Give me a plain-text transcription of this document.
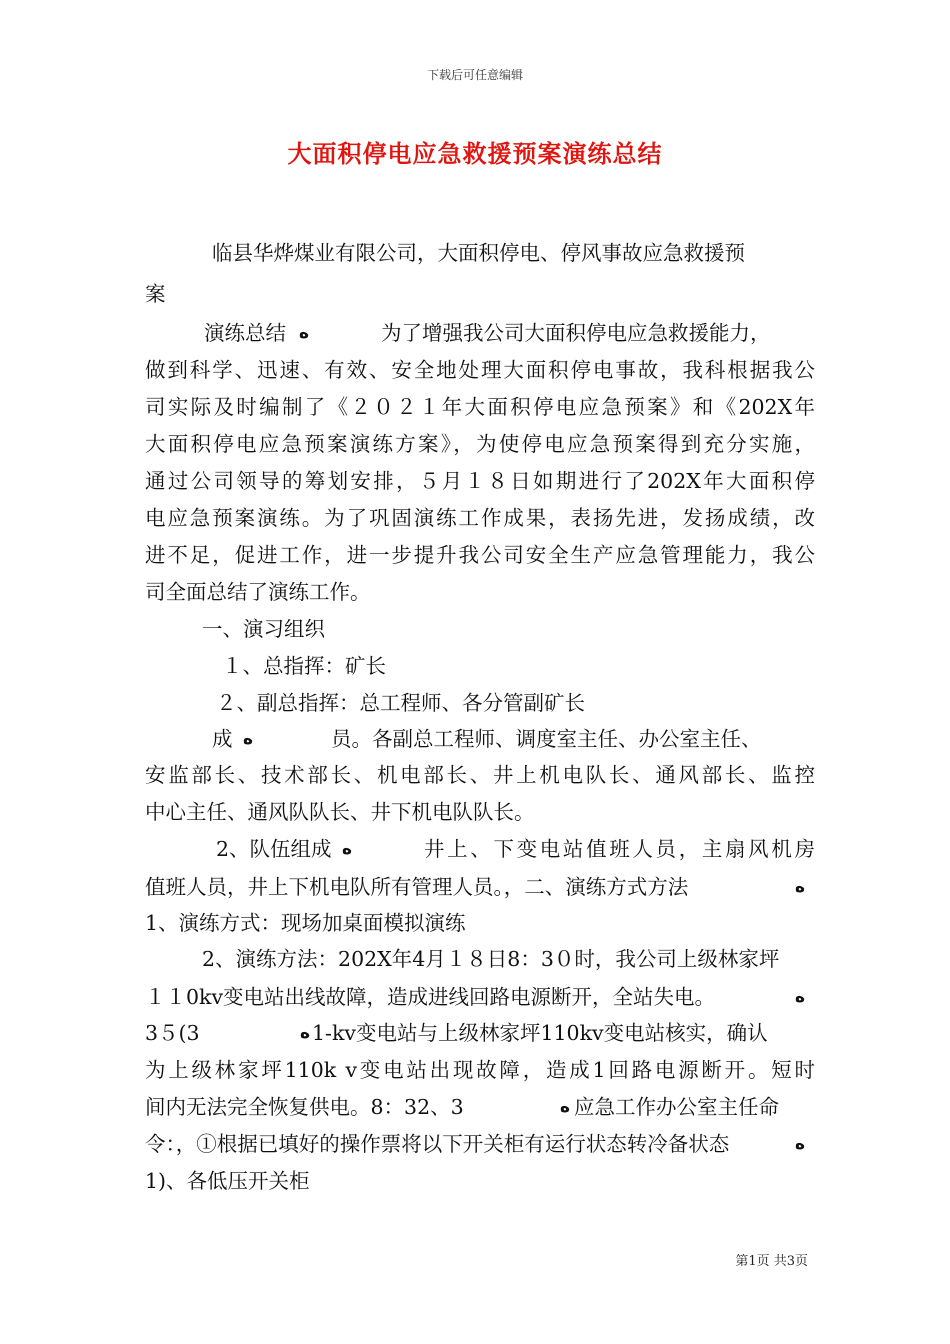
下载后可任意编辑
大面积停电应急救援预案演练总结
临县华烨煤业有限公司，大面积停电、停风事故应急救援预
案
演练总结 ﻩ	为了增强我公司大面积停电应急救援能力，
做到科学、迅速、有效、安全地处理大面积停电事故，我科根据我公
司实际及时编制了《２０２１年大面积停电应急预案》和《202X年
大面积停电应急预案演练方案》，为使停电应急预案得到充分实施，
通过公司领导的筹划安排，５月１８日如期进行了202X年大面积停
电应急预案演练。为了巩固演练工作成果，表扬先进，发扬成绩，改
进不足，促进工作，进一步提升我公司安全生产应急管理能力，我公
司全面总结了演练工作。
一、演习组织
１、总指挥：矿长
２、副总指挥：总工程师、各分管副矿长
成 ﻩ	员。各副总工程师、调度室主任、办公室主任、
安监部长、技术部长、机电部长、井上机电队长、通风部长、监控
中心主任、通风队队长、井下机电队队长。
2、队伍组成 ﻩ	井上、下变电站值班人员，主扇风机房
值班人员，井上下机电队所有管理人员。，二、演练方式方法	ﻩ
1、演练方式：现场加桌面模拟演练
2、演练方法：202X年4月１８日8：3０时，我公司上级林家坪
１１0kv变电站出线故障，造成进线回路电源断开，全站失电。	ﻩ
3５(3	ﻩ 1-kv变电站与上级林家坪110kv变电站核实，确认
为上级林家坪110k v变电站出现故障，造成1回路电源断开。短时
间内无法完全恢复供电。8：32、3	ﻩ 应急工作办公室主任命
令：，①根据已填好的操作票将以下开关柜有运行状态转冷备状态	ﻩ
1)、各低压开关柜
第1页 共3页
